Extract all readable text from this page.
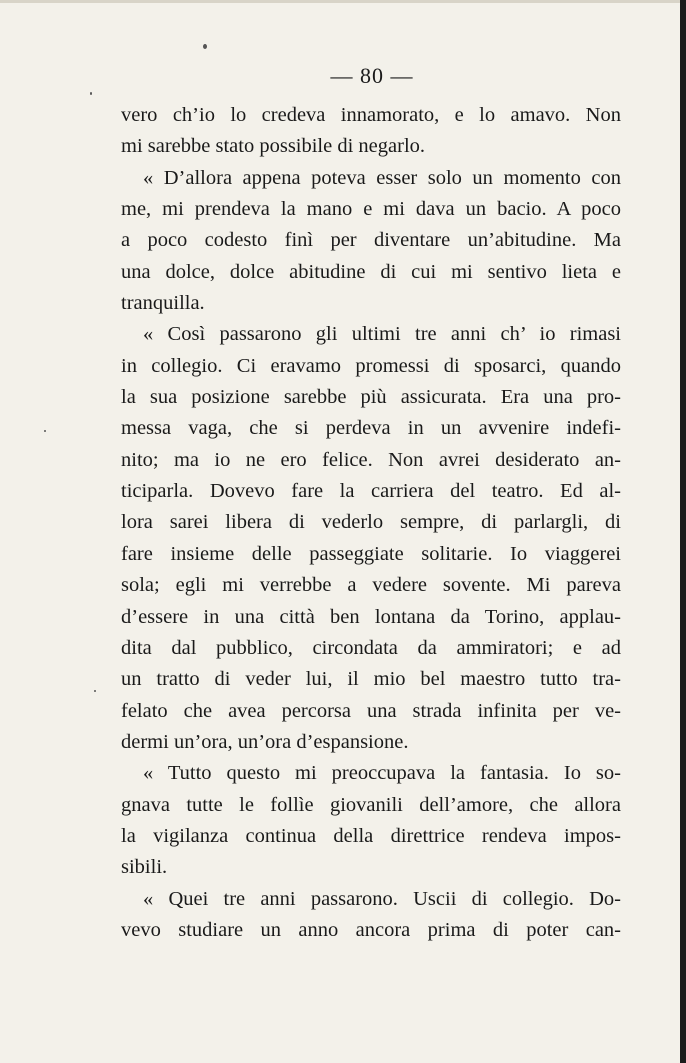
— 80 —
vero ch’io lo credeva innamorato, e lo amavo. Non
mi sarebbe stato possibile di negarlo.
« D’allora appena poteva esser solo un momento con
me, mi prendeva la mano e mi dava un bacio. A poco
a poco codesto finì per diventare un’abitudine. Ma
una dolce, dolce abitudine di cui mi sentivo lieta e
tranquilla.
« Così passarono gli ultimi tre anni ch’ io rimasi
in collegio. Ci eravamo promessi di sposarci, quando
la sua posizione sarebbe più assicurata. Era una pro-
messa vaga, che si perdeva in un avvenire indefi-
nito; ma io ne ero felice. Non avrei desiderato an-
ticiparla. Dovevo fare la carriera del teatro. Ed al-
lora sarei libera di vederlo sempre, di parlargli, di
fare insieme delle passeggiate solitarie. Io viaggerei
sola; egli mi verrebbe a vedere sovente. Mi pareva
d’essere in una città ben lontana da Torino, applau-
dita dal pubblico, circondata da ammiratori; e ad
un tratto di veder lui, il mio bel maestro tutto tra-
felato che avea percorsa una strada infinita per ve-
dermi un’ora, un’ora d’espansione.
« Tutto questo mi preoccupava la fantasia. Io so-
gnava tutte le follìe giovanili dell’amore, che allora
la vigilanza continua della direttrice rendeva impos-
sibili.
« Quei tre anni passarono. Uscii di collegio. Do-
vevo studiare un anno ancora prima di poter can-
